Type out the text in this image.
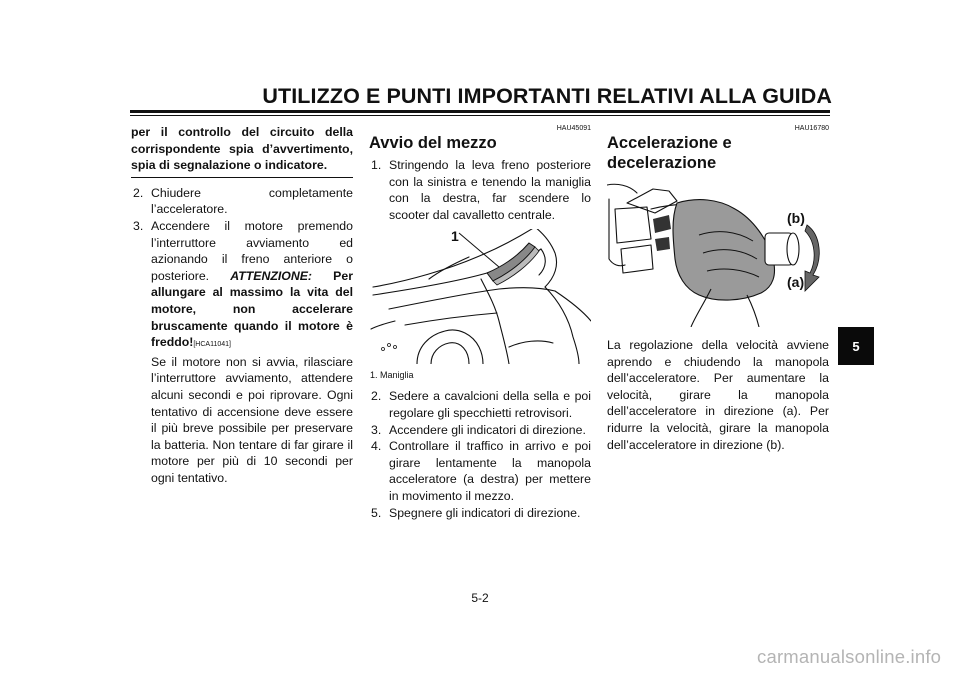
UTILIZZO E PUNTI IMPORTANTI RELATIVI ALLA GUIDA
per il controllo del circuito della corrispondente spia d’avvertimento, spia di segnalazione o indicatore.
2. Chiudere completamente l’acceleratore.
3. Accendere il motore premendo l’interruttore avviamento ed azionando il freno anteriore o posteriore. ATTENZIONE: Per allungare al massimo la vita del motore, non accelerare bruscamente quando il motore è freddo![HCA11041]
Se il motore non si avvia, rilasciare l’interruttore avviamento, attendere alcuni secondi e poi riprovare. Ogni tentativo di accensione deve essere il più breve possibile per preservare la batteria. Non tentare di far girare il motore per più di 10 secondi per ogni tentativo.
HAU45091
Avvio del mezzo
1. Stringendo la leva freno posteriore con la sinistra e tenendo la maniglia con la destra, far scendere lo scooter dal cavalletto centrale.
1
1. Maniglia
2. Sedere a cavalcioni della sella e poi regolare gli specchietti retrovisori.
3. Accendere gli indicatori di direzione.
4. Controllare il traffico in arrivo e poi girare lentamente la manopola acceleratore (a destra) per mettere in movimento il mezzo.
5. Spegnere gli indicatori di direzione.
HAU16780
Accelerazione e decelerazione
(b)
(a)
La regolazione della velocità avviene aprendo e chiudendo la manopola dell’acceleratore. Per aumentare la velocità, girare la manopola dell’acceleratore in direzione (a). Per ridurre la velocità, girare la manopola dell’acceleratore in direzione (b).
5
5-2
carmanualsonline.info
